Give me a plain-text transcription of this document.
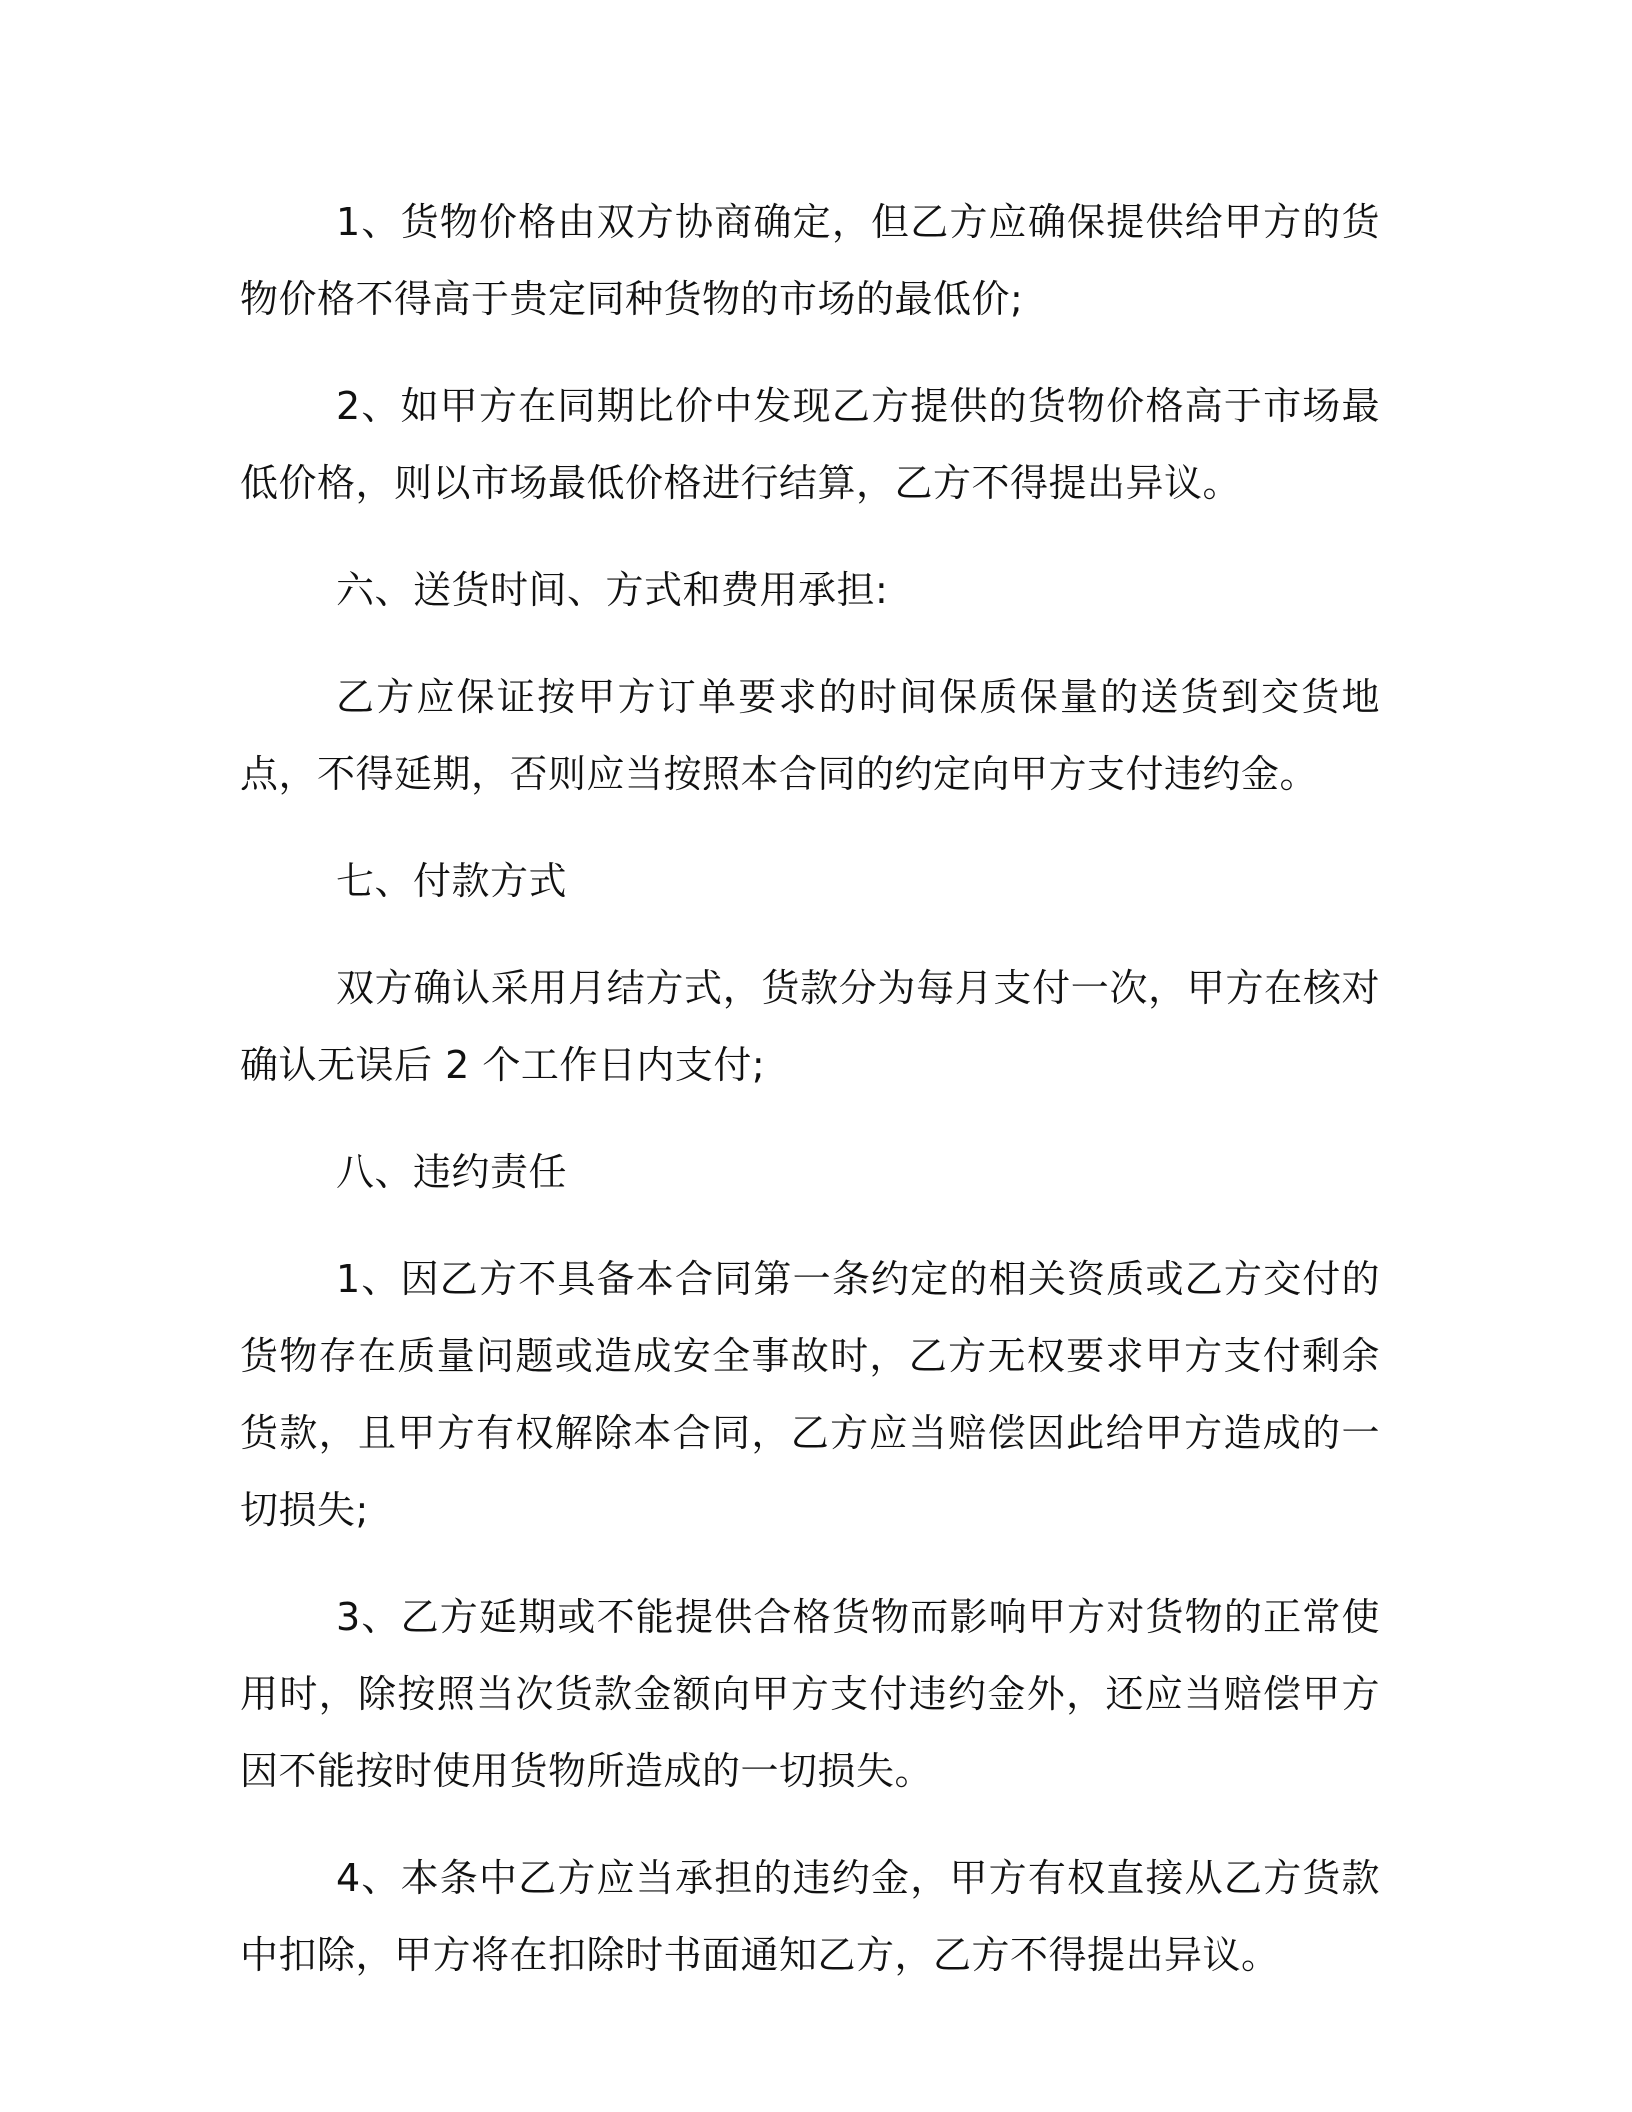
1、货物价格由双方协商确定，但乙方应确保提供给甲方的货物价格不得高于贵定同种货物的市场的最低价;

2、如甲方在同期比价中发现乙方提供的货物价格高于市场最低价格，则以市场最低价格进行结算，乙方不得提出异议。

六、送货时间、方式和费用承担:

乙方应保证按甲方订单要求的时间保质保量的送货到交货地点，不得延期，否则应当按照本合同的约定向甲方支付违约金。

七、付款方式

双方确认采用月结方式，货款分为每月支付一次，甲方在核对确认无误后 2 个工作日内支付;

八、违约责任

1、因乙方不具备本合同第一条约定的相关资质或乙方交付的货物存在质量问题或造成安全事故时，乙方无权要求甲方支付剩余货款，且甲方有权解除本合同，乙方应当赔偿因此给甲方造成的一切损失;

3、乙方延期或不能提供合格货物而影响甲方对货物的正常使用时，除按照当次货款金额向甲方支付违约金外，还应当赔偿甲方因不能按时使用货物所造成的一切损失。

4、本条中乙方应当承担的违约金，甲方有权直接从乙方货款中扣除，甲方将在扣除时书面通知乙方，乙方不得提出异议。
